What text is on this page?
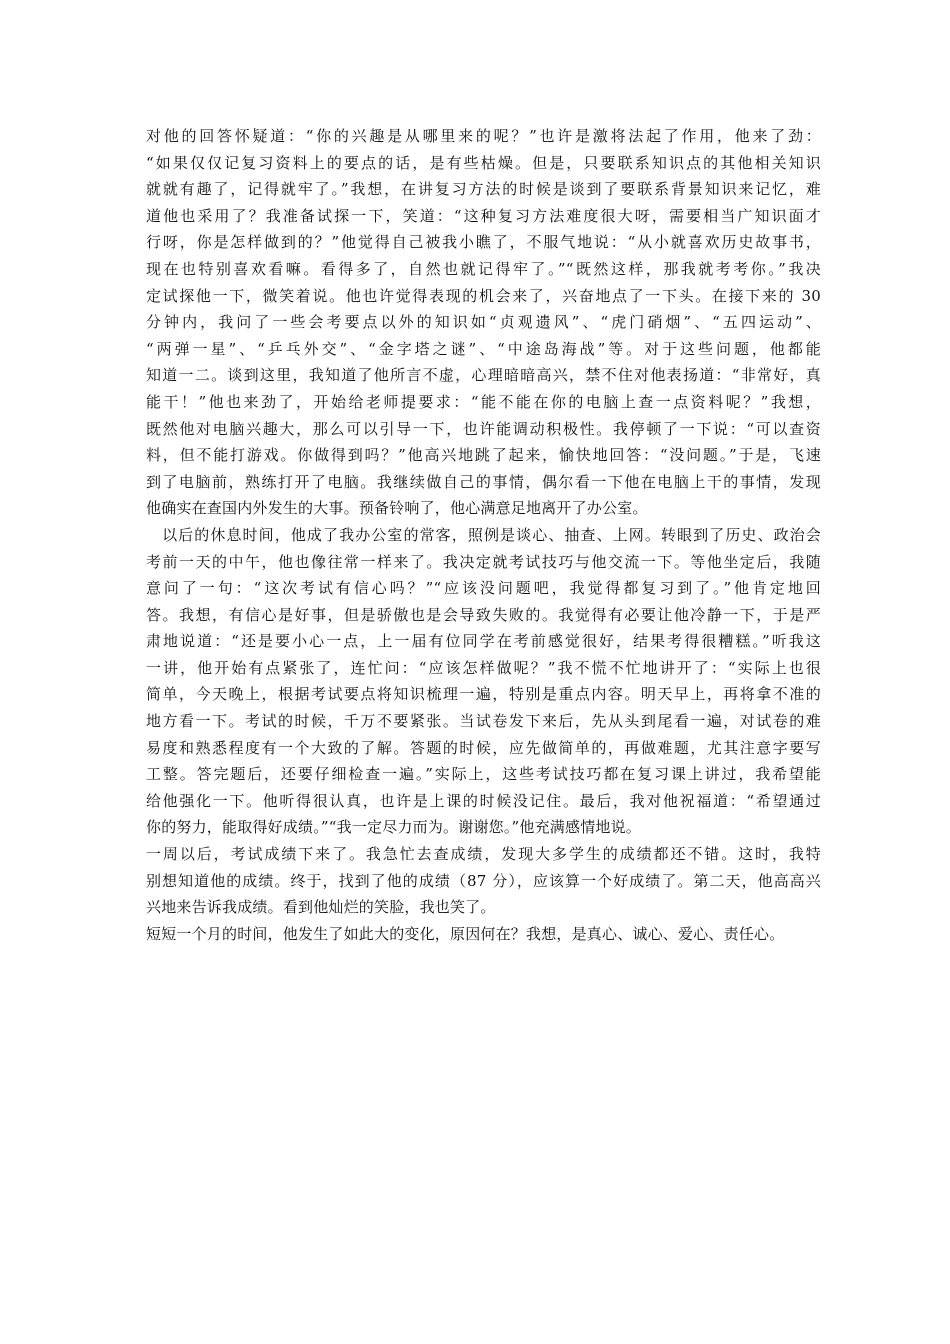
对他的回答怀疑道：“你的兴趣是从哪里来的呢？”也许是激将法起了作用，他来了劲：
“如果仅仅记复习资料上的要点的话，是有些枯燥。但是，只要联系知识点的其他相关知识
就就有趣了，记得就牢了。”我想，在讲复习方法的时候是谈到了要联系背景知识来记忆，难
道他也采用了？我准备试探一下，笑道：“这种复习方法难度很大呀，需要相当广知识面才
行呀，你是怎样做到的？”他觉得自己被我小瞧了，不服气地说：“从小就喜欢历史故事书，
现在也特别喜欢看嘛。看得多了，自然也就记得牢了。”“既然这样，那我就考考你。”我决
定试探他一下，微笑着说。他也许觉得表现的机会来了，兴奋地点了一下头。在接下来的 30
分钟内，我问了一些会考要点以外的知识如“贞观遗风”、“虎门硝烟”、“五四运动”、
“两弹一星”、“乒乓外交”、“金字塔之谜”、“中途岛海战”等。对于这些问题，他都能
知道一二。谈到这里，我知道了他所言不虚，心理暗暗高兴，禁不住对他表扬道：“非常好，真
能干！”他也来劲了，开始给老师提要求：“能不能在你的电脑上查一点资料呢？”我想，
既然他对电脑兴趣大，那么可以引导一下，也许能调动积极性。我停顿了一下说：“可以查资
料，但不能打游戏。你做得到吗？”他高兴地跳了起来，愉快地回答：“没问题。”于是，飞速
到了电脑前，熟练打开了电脑。我继续做自己的事情，偶尔看一下他在电脑上干的事情，发现
他确实在查国内外发生的大事。预备铃响了，他心满意足地离开了办公室。
　以后的休息时间，他成了我办公室的常客，照例是谈心、抽查、上网。转眼到了历史、政治会
考前一天的中午，他也像往常一样来了。我决定就考试技巧与他交流一下。等他坐定后，我随
意问了一句：“这次考试有信心吗？”“应该没问题吧，我觉得都复习到了。”他肯定地回
答。我想，有信心是好事，但是骄傲也是会导致失败的。我觉得有必要让他冷静一下，于是严
肃地说道：“还是要小心一点，上一届有位同学在考前感觉很好，结果考得很糟糕。”听我这
一讲，他开始有点紧张了，连忙问：“应该怎样做呢？”我不慌不忙地讲开了：“实际上也很
简单，今天晚上，根据考试要点将知识梳理一遍，特别是重点内容。明天早上，再将拿不准的
地方看一下。考试的时候，千万不要紧张。当试卷发下来后，先从头到尾看一遍，对试卷的难
易度和熟悉程度有一个大致的了解。答题的时候，应先做简单的，再做难题，尤其注意字要写
工整。答完题后，还要仔细检查一遍。”实际上，这些考试技巧都在复习课上讲过，我希望能
给他强化一下。他听得很认真，也许是上课的时候没记住。最后，我对他祝福道：“希望通过
你的努力，能取得好成绩。”“我一定尽力而为。谢谢您。”他充满感情地说。
一周以后，考试成绩下来了。我急忙去查成绩，发现大多学生的成绩都还不错。这时，我特
别想知道他的成绩。终于，找到了他的成绩（87 分），应该算一个好成绩了。第二天，他高高兴
兴地来告诉我成绩。看到他灿烂的笑脸，我也笑了。
短短一个月的时间，他发生了如此大的变化，原因何在？我想，是真心、诚心、爱心、责任心。
